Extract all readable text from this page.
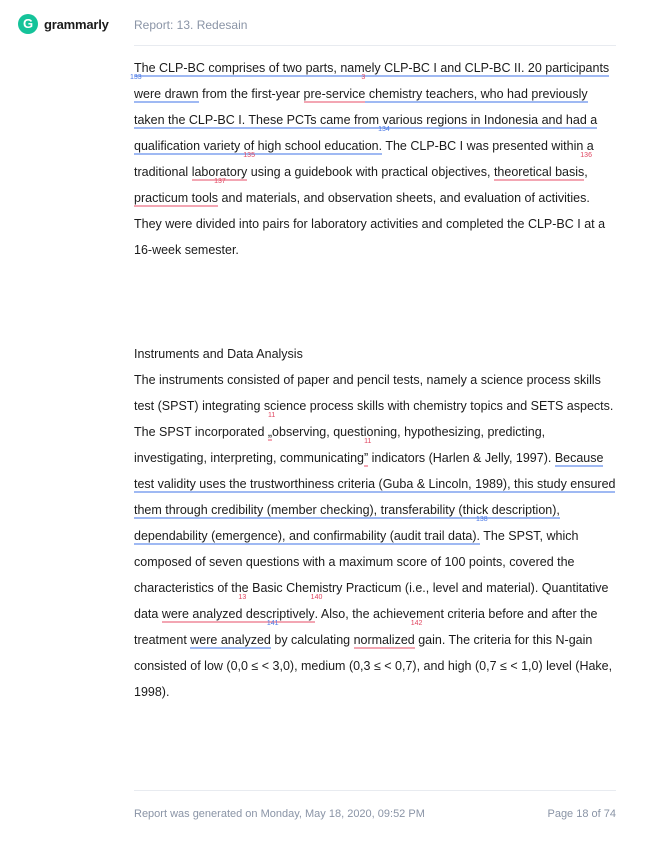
G grammarly Report: 13. Redesain

The CLP-BC comprises of two parts, namely CLP-BC I and CLP-BC II. 20 participants
133
were drawn from the first-year pre-service
3
chemistry teachers, who had previously taken the CLP-BC I. These PCTs came from various regions in Indonesia and had a qualification variety of high school education.
134
The CLP-BC I was presented within a traditional laboratory
135
using a guidebook with practical objectives, theoretical basis
136
, practicum tools
137
and materials, and observation sheets, and evaluation of activities. They were divided into pairs for laboratory activities and completed the CLP-BC I at a 16-week semester.

Instruments and Data Analysis

The instruments consisted of paper and pencil tests, namely a science process skills test (SPST) integrating science process skills with chemistry topics and SETS aspects. The SPST incorporated „
11
observing, questioning, hypothesizing, predicting, investigating, interpreting, communicating”
11
indicators (Harlen & Jelly, 1997). Because test validity uses the trustworthiness criteria (Guba & Lincoln, 1989), this study ensured them through credibility (member checking), transferability (thick description), dependability (emergence), and confirmability (audit trail data).
138
The SPST, which composed of seven questions with a maximum score of 100 points, covered the characteristics of the Basic Chemistry Practicum (i.e., level and material). Quantitative data were analyzed
13
descriptively
140
. Also, the achievement criteria before and after the treatment were analyzed
141
by calculating normalized
142
gain. The criteria for this N-gain consisted of low (0,0 ≤ < 3,0), medium (0,3 ≤ < 0,7), and high (0,7 ≤ < 1,0) level (Hake, 1998).

Report was generated on Monday, May 18, 2020, 09:52 PM	Page 18 of 74
